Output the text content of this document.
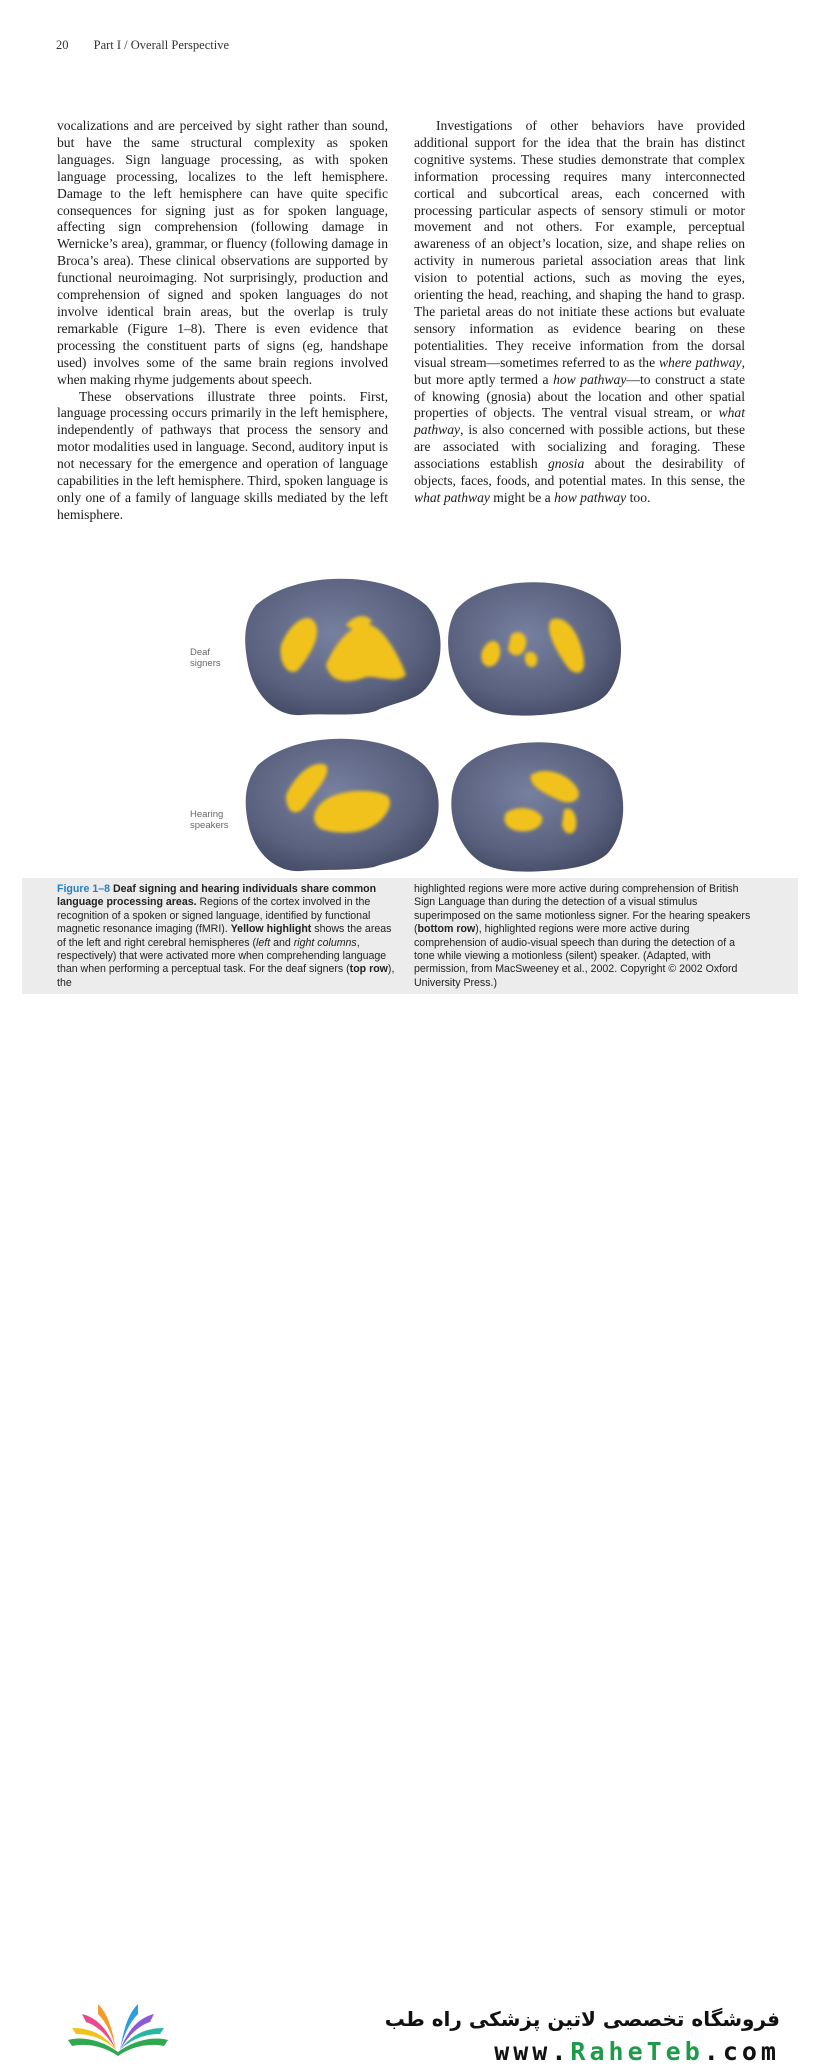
20 Part I / Overall Perspective

vocalizations and are perceived by sight rather than sound, but have the same structural complexity as spoken languages. Sign language processing, as with spoken language processing, localizes to the left hemisphere. Damage to the left hemisphere can have quite specific consequences for signing just as for spoken language, affecting sign comprehension (following damage in Wernicke’s area), grammar, or fluency (following damage in Broca’s area). These clinical observations are supported by functional neuroimaging. Not surprisingly, production and comprehension of signed and spoken languages do not involve identical brain areas, but the overlap is truly remarkable (Figure 1–8). There is even evidence that processing the constituent parts of signs (eg, handshape used) involves some of the same brain regions involved when making rhyme judgements about speech.

These observations illustrate three points. First, language processing occurs primarily in the left hemisphere, independently of pathways that process the sensory and motor modalities used in language. Second, auditory input is not necessary for the emergence and operation of language capabilities in the left hemisphere. Third, spoken language is only one of a family of language skills mediated by the left hemisphere.

Investigations of other behaviors have provided additional support for the idea that the brain has distinct cognitive systems. These studies demonstrate that complex information processing requires many interconnected cortical and subcortical areas, each concerned with processing particular aspects of sensory stimuli or motor movement and not others. For example, perceptual awareness of an object’s location, size, and shape relies on activity in numerous parietal association areas that link vision to potential actions, such as moving the eyes, orienting the head, reaching, and shaping the hand to grasp. The parietal areas do not initiate these actions but evaluate sensory information as evidence bearing on these potentialities. They receive information from the dorsal visual stream—sometimes referred to as the where pathway, but more aptly termed a how pathway—to construct a state of knowing (gnosia) about the location and other spatial properties of objects. The ventral visual stream, or what pathway, is also concerned with possible actions, but these are associated with socializing and foraging. These associations establish gnosia about the desirability of objects, faces, foods, and potential mates. In this sense, the what pathway might be a how pathway too.

Deaf
signers
Hearing
speakers
Figure 1–8 Deaf signing and hearing individuals share common language processing areas. Regions of the cortex involved in the recognition of a spoken or signed language, identified by functional magnetic resonance imaging (fMRI). Yellow highlight shows the areas of the left and right cerebral hemispheres (left and right columns, respectively) that were activated more when comprehending language than when performing a perceptual task. For the deaf signers (top row), the
highlighted regions were more active during comprehension of British Sign Language than during the detection of a visual stimulus superimposed on the same motionless signer. For the hearing speakers (bottom row), highlighted regions were more active during comprehension of audio-visual speech than during the detection of a tone while viewing a motionless (silent) speaker. (Adapted, with permission, from MacSweeney et al., 2002. Copyright © 2002 Oxford University Press.)
فروشگاه تخصصی لاتین پزشکی راه طب
www.RaheTeb.com
